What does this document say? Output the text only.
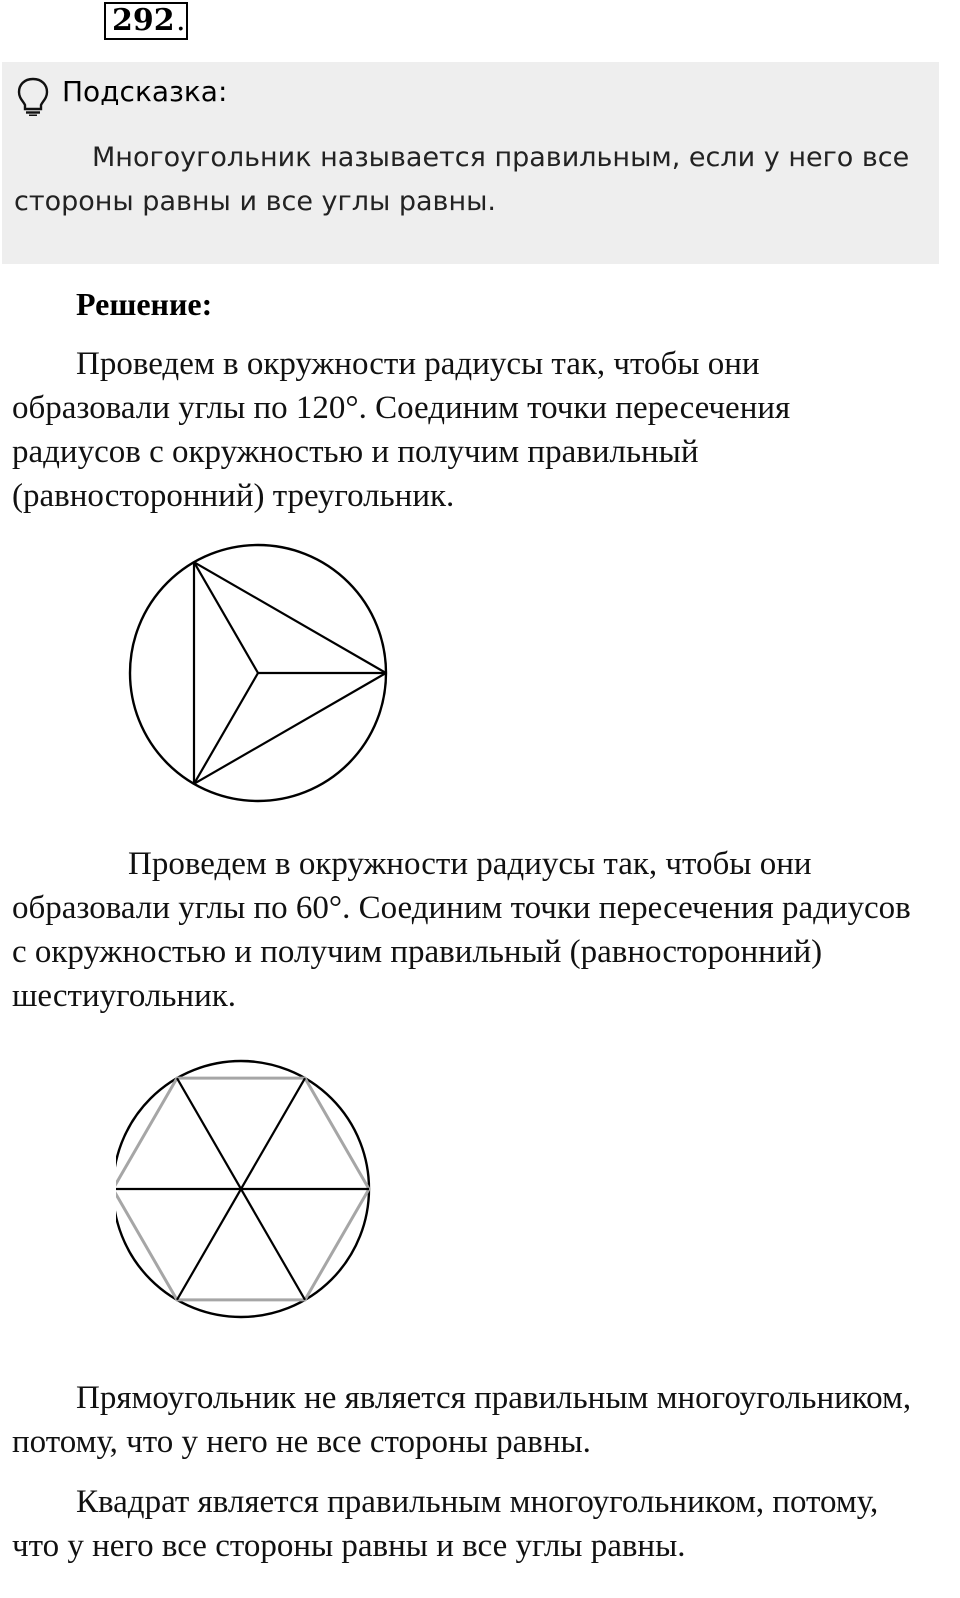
292 .
Подсказка:

Многоугольник называется правильным, если у него все стороны равны и все углы равны.

Решение:

Проведем в окружности радиусы так, чтобы они образовали углы по 120°. Соединим точки пересечения радиусов с окружностью и получим правильный (равносторонний) треугольник.

Проведем в окружности радиусы так, чтобы они образовали углы по 60°. Соединим точки пересечения радиусов с окружностью и получим правильный (равносторонний) шестиугольник.

Прямоугольник не является правильным многоугольником, потому, что у него не все стороны равны.

Квадрат является правильным многоугольником, потому, что у него все стороны равны и все углы равны.
